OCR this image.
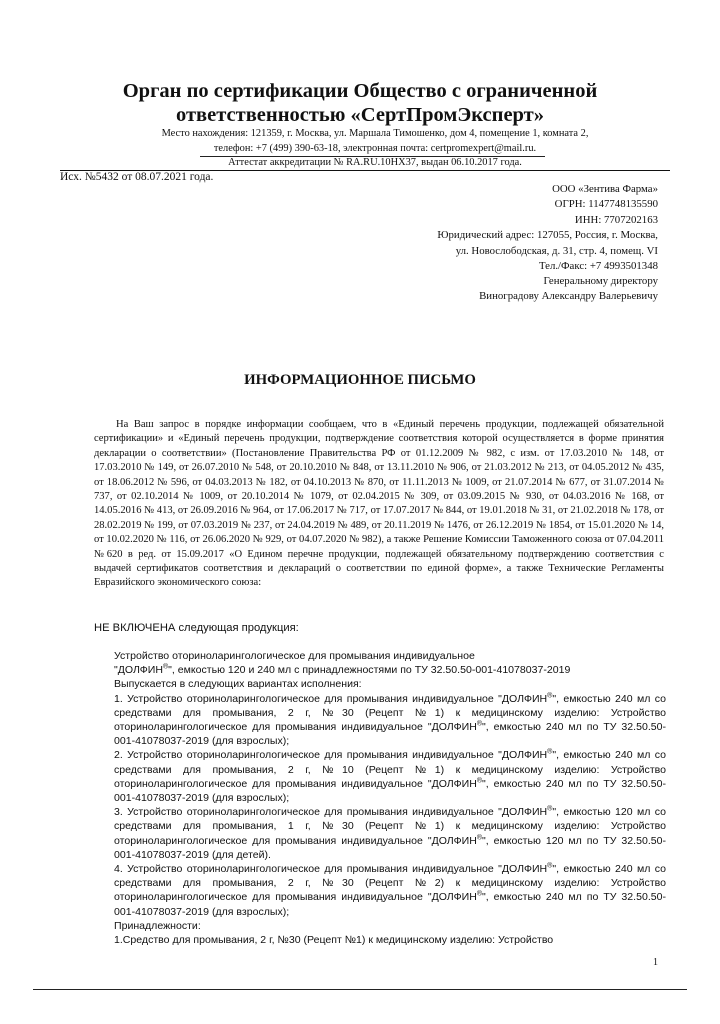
Орган по сертификации Общество с ограниченной
ответственностью «СертПромЭксперт»
Место нахождения: 121359, г. Москва, ул. Маршала Тимошенко, дом 4, помещение 1, комната 2,
телефон: +7 (499) 390-63-18, электронная почта: certpromexpert@mail.ru.
Аттестат аккредитации № RA.RU.10НХ37, выдан 06.10.2017 года.
Исх. №5432 от 08.07.2021 года.
ООО «Зентива Фарма»
ОГРН: 1147748135590
ИНН: 7707202163
Юридический адрес: 127055, Россия, г. Москва,
ул. Новослободская, д. 31, стр. 4, помещ. VI
Тел./Факс: +7 4993501348
Генеральному директору
Виноградову Александру Валерьевичу
ИНФОРМАЦИОННОЕ ПИСЬМО
На Ваш запрос в порядке информации сообщаем, что в «Единый перечень продукции, подлежащей обязательной сертификации» и «Единый перечень продукции, подтверждение соответствия которой осуществляется в форме принятия декларации о соответствии» (Постановление Правительства РФ от 01.12.2009 № 982, с изм. от 17.03.2010 № 148, от 17.03.2010 № 149, от 26.07.2010 № 548, от 20.10.2010 № 848, от 13.11.2010 № 906, от 21.03.2012 № 213, от 04.05.2012 № 435, от 18.06.2012 № 596, от 04.03.2013 № 182, от 04.10.2013 № 870, от 11.11.2013 № 1009, от 21.07.2014 № 677, от 31.07.2014 № 737, от 02.10.2014 № 1009, от 20.10.2014 № 1079, от 02.04.2015 № 309, от 03.09.2015 № 930, от 04.03.2016 № 168, от 14.05.2016 № 413, от 26.09.2016 № 964, от 17.06.2017 № 717, от 17.07.2017 № 844, от 19.01.2018 № 31, от 21.02.2018 № 178, от 28.02.2019 № 199, от 07.03.2019 № 237, от 24.04.2019 № 489, от 20.11.2019 № 1476, от 26.12.2019 № 1854, от 15.01.2020 № 14, от 10.02.2020 № 116, от 26.06.2020 № 929, от 04.07.2020 № 982), а также Решение Комиссии Таможенного союза от 07.04.2011 №620 в ред. от 15.09.2017 «О Едином перечне продукции, подлежащей обязательному подтверждению соответствия с выдачей сертификатов соответствия и деклараций о соответствии по единой форме», а также Технические Регламенты Евразийского экономического союза:
НЕ ВКЛЮЧЕНА следующая продукция:
Устройство оториноларингологическое для промывания индивидуальное
"ДОЛФИН®", емкостью 120 и 240 мл с принадлежностями по ТУ 32.50.50-001-41078037-2019
Выпускается в следующих вариантах исполнения:

1. Устройство оториноларингологическое для промывания индивидуальное "ДОЛФИН®", емкостью 240 мл со средствами для промывания, 2 г, №30 (Рецепт №1) к медицинскому изделию: Устройство оториноларингологическое для промывания индивидуальное "ДОЛФИН®", емкостью 240 мл по ТУ 32.50.50-001-41078037-2019 (для взрослых);

2. Устройство оториноларингологическое для промывания индивидуальное "ДОЛФИН®", емкостью 240 мл со средствами для промывания, 2 г, №10 (Рецепт №1) к медицинскому изделию: Устройство оториноларингологическое для промывания индивидуальное "ДОЛФИН®", емкостью 240 мл по ТУ 32.50.50-001-41078037-2019 (для взрослых);

3. Устройство оториноларингологическое для промывания индивидуальное "ДОЛФИН®", емкостью 120 мл со средствами для промывания, 1 г, №30 (Рецепт №1) к медицинскому изделию: Устройство оториноларингологическое для промывания индивидуальное "ДОЛФИН®", емкостью 120 мл по ТУ 32.50.50-001-41078037-2019 (для детей).

4. Устройство оториноларингологическое для промывания индивидуальное "ДОЛФИН®", емкостью 240 мл со средствами для промывания, 2 г, №30 (Рецепт №2) к медицинскому изделию: Устройство оториноларингологическое для промывания индивидуальное "ДОЛФИН®", емкостью 240 мл по ТУ 32.50.50-001-41078037-2019 (для взрослых);

Принадлежности:
1.Средство для промывания, 2 г, №30 (Рецепт №1) к медицинскому изделию: Устройство
1
